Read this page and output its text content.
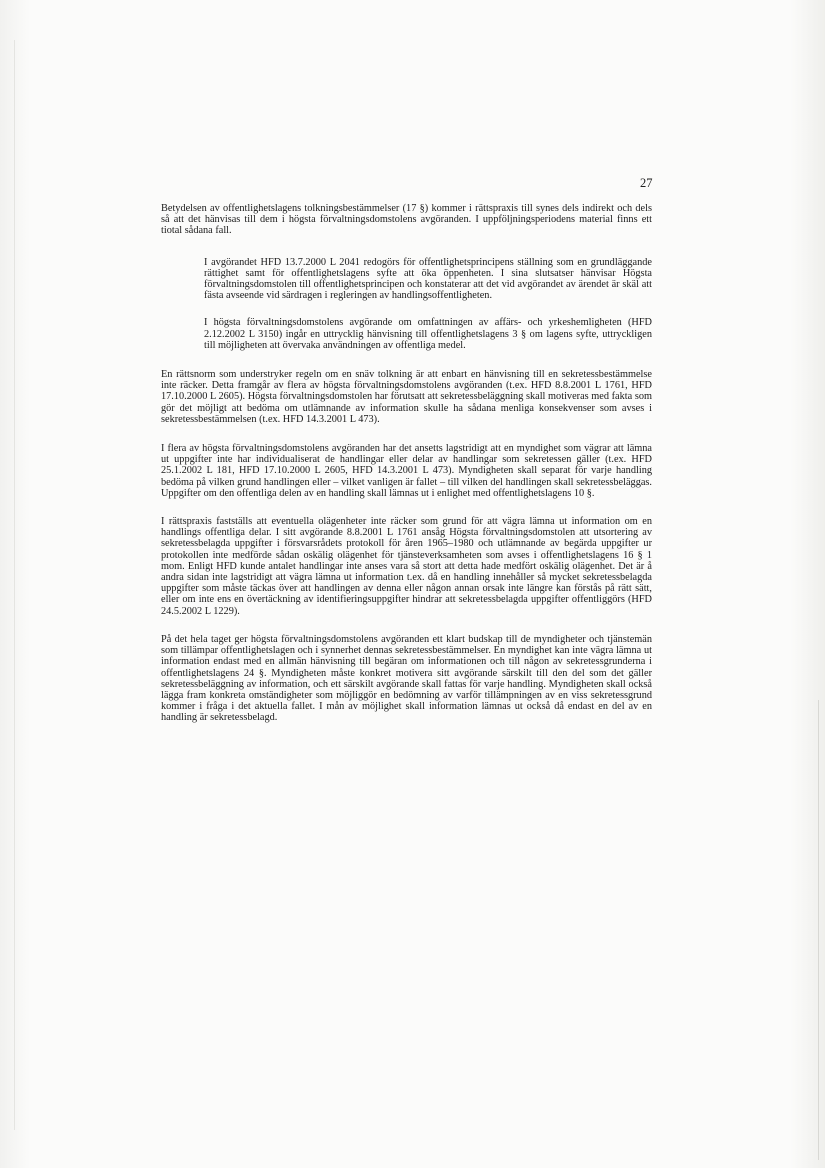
27

Betydelsen av offentlighetslagens tolkningsbestämmelser (17 §) kommer i rättspraxis till synes dels indirekt och dels så att det hänvisas till dem i högsta förvaltningsdomstolens avgöranden. I uppföljningsperiodens material finns ett tiotal sådana fall.

I avgörandet HFD 13.7.2000 L 2041 redogörs för offentlighetsprincipens ställning som en grundläggande rättighet samt för offentlighetslagens syfte att öka öppenheten. I sina slutsatser hänvisar Högsta förvaltningsdomstolen till offentlighetsprincipen och konstaterar att det vid avgörandet av ärendet är skäl att fästa avseende vid särdragen i regleringen av handlingsoffentligheten.

I högsta förvaltningsdomstolens avgörande om omfattningen av affärs- och yrkeshemligheten (HFD 2.12.2002 L 3150) ingår en uttrycklig hänvisning till offentlighetslagens 3 § om lagens syfte, uttryckligen till möjligheten att övervaka användningen av offentliga medel.

En rättsnorm som understryker regeln om en snäv tolkning är att enbart en hänvisning till en sekretessbestämmelse inte räcker. Detta framgår av flera av högsta förvaltningsdomstolens avgöranden (t.ex. HFD 8.8.2001 L 1761, HFD 17.10.2000 L 2605). Högsta förvaltningsdomstolen har förutsatt att sekretessbeläggning skall motiveras med fakta som gör det möjligt att bedöma om utlämnande av information skulle ha sådana menliga konsekvenser som avses i sekretessbestämmelsen (t.ex. HFD 14.3.2001 L 473).

I flera av högsta förvaltningsdomstolens avgöranden har det ansetts lagstridigt att en myndighet som vägrar att lämna ut uppgifter inte har individualiserat de handlingar eller delar av handlingar som sekretessen gäller (t.ex. HFD 25.1.2002 L 181, HFD 17.10.2000 L 2605, HFD 14.3.2001 L 473). Myndigheten skall separat för varje handling bedöma på vilken grund handlingen eller – vilket vanligen är fallet – till vilken del handlingen skall sekretessbeläggas. Uppgifter om den offentliga delen av en handling skall lämnas ut i enlighet med offentlighetslagens 10 §.

I rättspraxis fastställs att eventuella olägenheter inte räcker som grund för att vägra lämna ut information om en handlings offentliga delar. I sitt avgörande 8.8.2001 L 1761 ansåg Högsta förvaltningsdomstolen att utsortering av sekretessbelagda uppgifter i försvarsrådets protokoll för åren 1965–1980 och utlämnande av begärda uppgifter ur protokollen inte medförde sådan oskälig olägenhet för tjänsteverksamheten som avses i offentlighetslagens 16 § 1 mom. Enligt HFD kunde antalet handlingar inte anses vara så stort att detta hade medfört oskälig olägenhet. Det är å andra sidan inte lagstridigt att vägra lämna ut information t.ex. då en handling innehåller så mycket sekretessbelagda uppgifter som måste täckas över att handlingen av denna eller någon annan orsak inte längre kan förstås på rätt sätt, eller om inte ens en övertäckning av identifieringsuppgifter hindrar att sekretessbelagda uppgifter offentliggörs (HFD 24.5.2002 L 1229).

På det hela taget ger högsta förvaltningsdomstolens avgöranden ett klart budskap till de myndigheter och tjänstemän som tillämpar offentlighetslagen och i synnerhet dennas sekretessbestämmelser. En myndighet kan inte vägra lämna ut information endast med en allmän hänvisning till begäran om informationen och till någon av sekretessgrunderna i offentlighetslagens 24 §. Myndigheten måste konkret motivera sitt avgörande särskilt till den del som det gäller sekretessbeläggning av information, och ett särskilt avgörande skall fattas för varje handling. Myndigheten skall också lägga fram konkreta omständigheter som möjliggör en bedömning av varför tillämpningen av en viss sekretessgrund kommer i fråga i det aktuella fallet. I mån av möjlighet skall information lämnas ut också då endast en del av en handling är sekretessbelagd.
